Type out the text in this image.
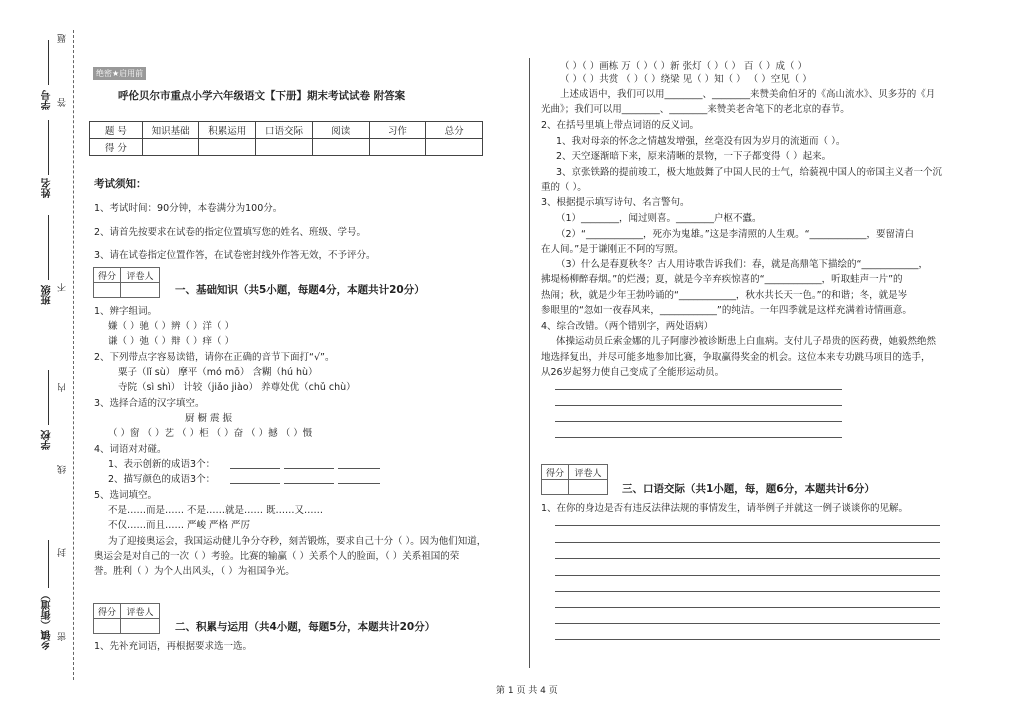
乡镇（街道）
学校
班级
姓名
学号
密
封
线
内
不
答
题
绝密★启用前
呼伦贝尔市重点小学六年级语文【下册】期末考试试卷 附答案
题 号	知识基础	积累运用	口语交际	阅读	习作	总分
得 分						
考试须知：
1、考试时间：90分钟，本卷满分为100分。
2、请首先按要求在试卷的指定位置填写您的姓名、班级、学号。
3、请在试卷指定位置作答，在试卷密封线外作答无效，不予评分。
得分	评卷人

一、基础知识（共5小题，每题4分，本题共计20分）
1、辨字组词。
嫌（ ）驰（ ）辨（ ）洋（ ）
谦（ ）弛（ ）辩（ ）痒（ ）
2、下列带点字容易读错，请你在正确的音节下面打“√”。
粟子（lǐ sù） 摩平（mó mō） 含糊（hú hù）
寺院（sì shì） 计较（jiǎo jiào） 养尊处优（chǔ chù）
3、选择合适的汉字填空。
厨 橱 震 振
（ ）窗 （ ）艺 （ ）柜 （ ）奋 （ ）撼 （ ）慑
4、词语对对碰。
1、表示创新的成语3个：
2、描写颜色的成语3个：
5、选词填空。
不是……而是…… 不是……就是…… 既……又……
不仅……而且…… 严峻 严格 严厉
为了迎接奥运会，我国运动健儿争分夺秒，刻苦锻炼，要求自己十分（ ）。因为他们知道，
奥运会是对自己的一次（ ）考验。比赛的输赢（ ）关系个人的脸面，（ ）关系祖国的荣
誉。胜利（ ）为个人出风头，（ ）为祖国争光。
得分	评卷人

二、积累与运用（共4小题，每题5分，本题共计20分）
1、先补充词语，再根据要求选一选。
（ ）（ ）画栋 万（ ）（ ）新 张灯（ ）（ ） 百（ ）成（ ）
（ ）（ ）共赏 （ ）（ ）绕梁 见（ ）知（ ） （ ）空见（ ）
上述成语中，我们可以用________、________来赞美俞伯牙的《高山流水》、贝多芬的《月
光曲》；我们可以用________、________来赞美老舍笔下的老北京的春节。
2、在括号里填上带点词语的反义词。
1、我对母亲的怀念之情越发增强，丝毫没有因为岁月的流逝而（ ）。
2、天空逐渐暗下来，原来清晰的景物，一下子都变得（ ）起来。
3、京张铁路的提前竣工，极大地鼓舞了中国人民的士气，给藐视中国人的帝国主义者一个沉
重的（ ）。
3、根据提示填写诗句、名言警句。
（1）________，闻过则喜。________户枢不蠹。
（2）“____________，死亦为鬼雄。”这是李清照的人生观。“____________，要留清白
在人间。”是于谦刚正不阿的写照。
（3）什么是春夏秋冬？古人用诗歌告诉我们：春，就是高鼎笔下描绘的“____________，
拂堤杨柳醉春烟。”的烂漫；夏，就是今辛弃疾惊喜的“____________，听取蛙声一片”的
热闹；秋，就是少年王勃吟诵的“____________，秋水共长天一色。”的和谐；冬，就是岑
参眼里的“忽如一夜春风来，____________”的纯洁。一年四季就是这样充满着诗情画意。
4、综合改错。（两个错别字，两处语病）
体操运动员丘索金娜的儿子阿廖沙被诊断患上白血病。支付儿子昂贵的医药费，她毅然绝然
地选择复出，并尽可能多地参加比赛，争取赢得奖金的机会。这位本来专功跳马项目的选手，
从26岁起努力使自己变成了全能形运动员。
得分	评卷人

三、口语交际（共1小题，每，题6分，本题共计6分）
1、在你的身边是否有违反法律法规的事情发生，请举例子并就这一例子谈谈你的见解。
第 1 页 共 4 页
